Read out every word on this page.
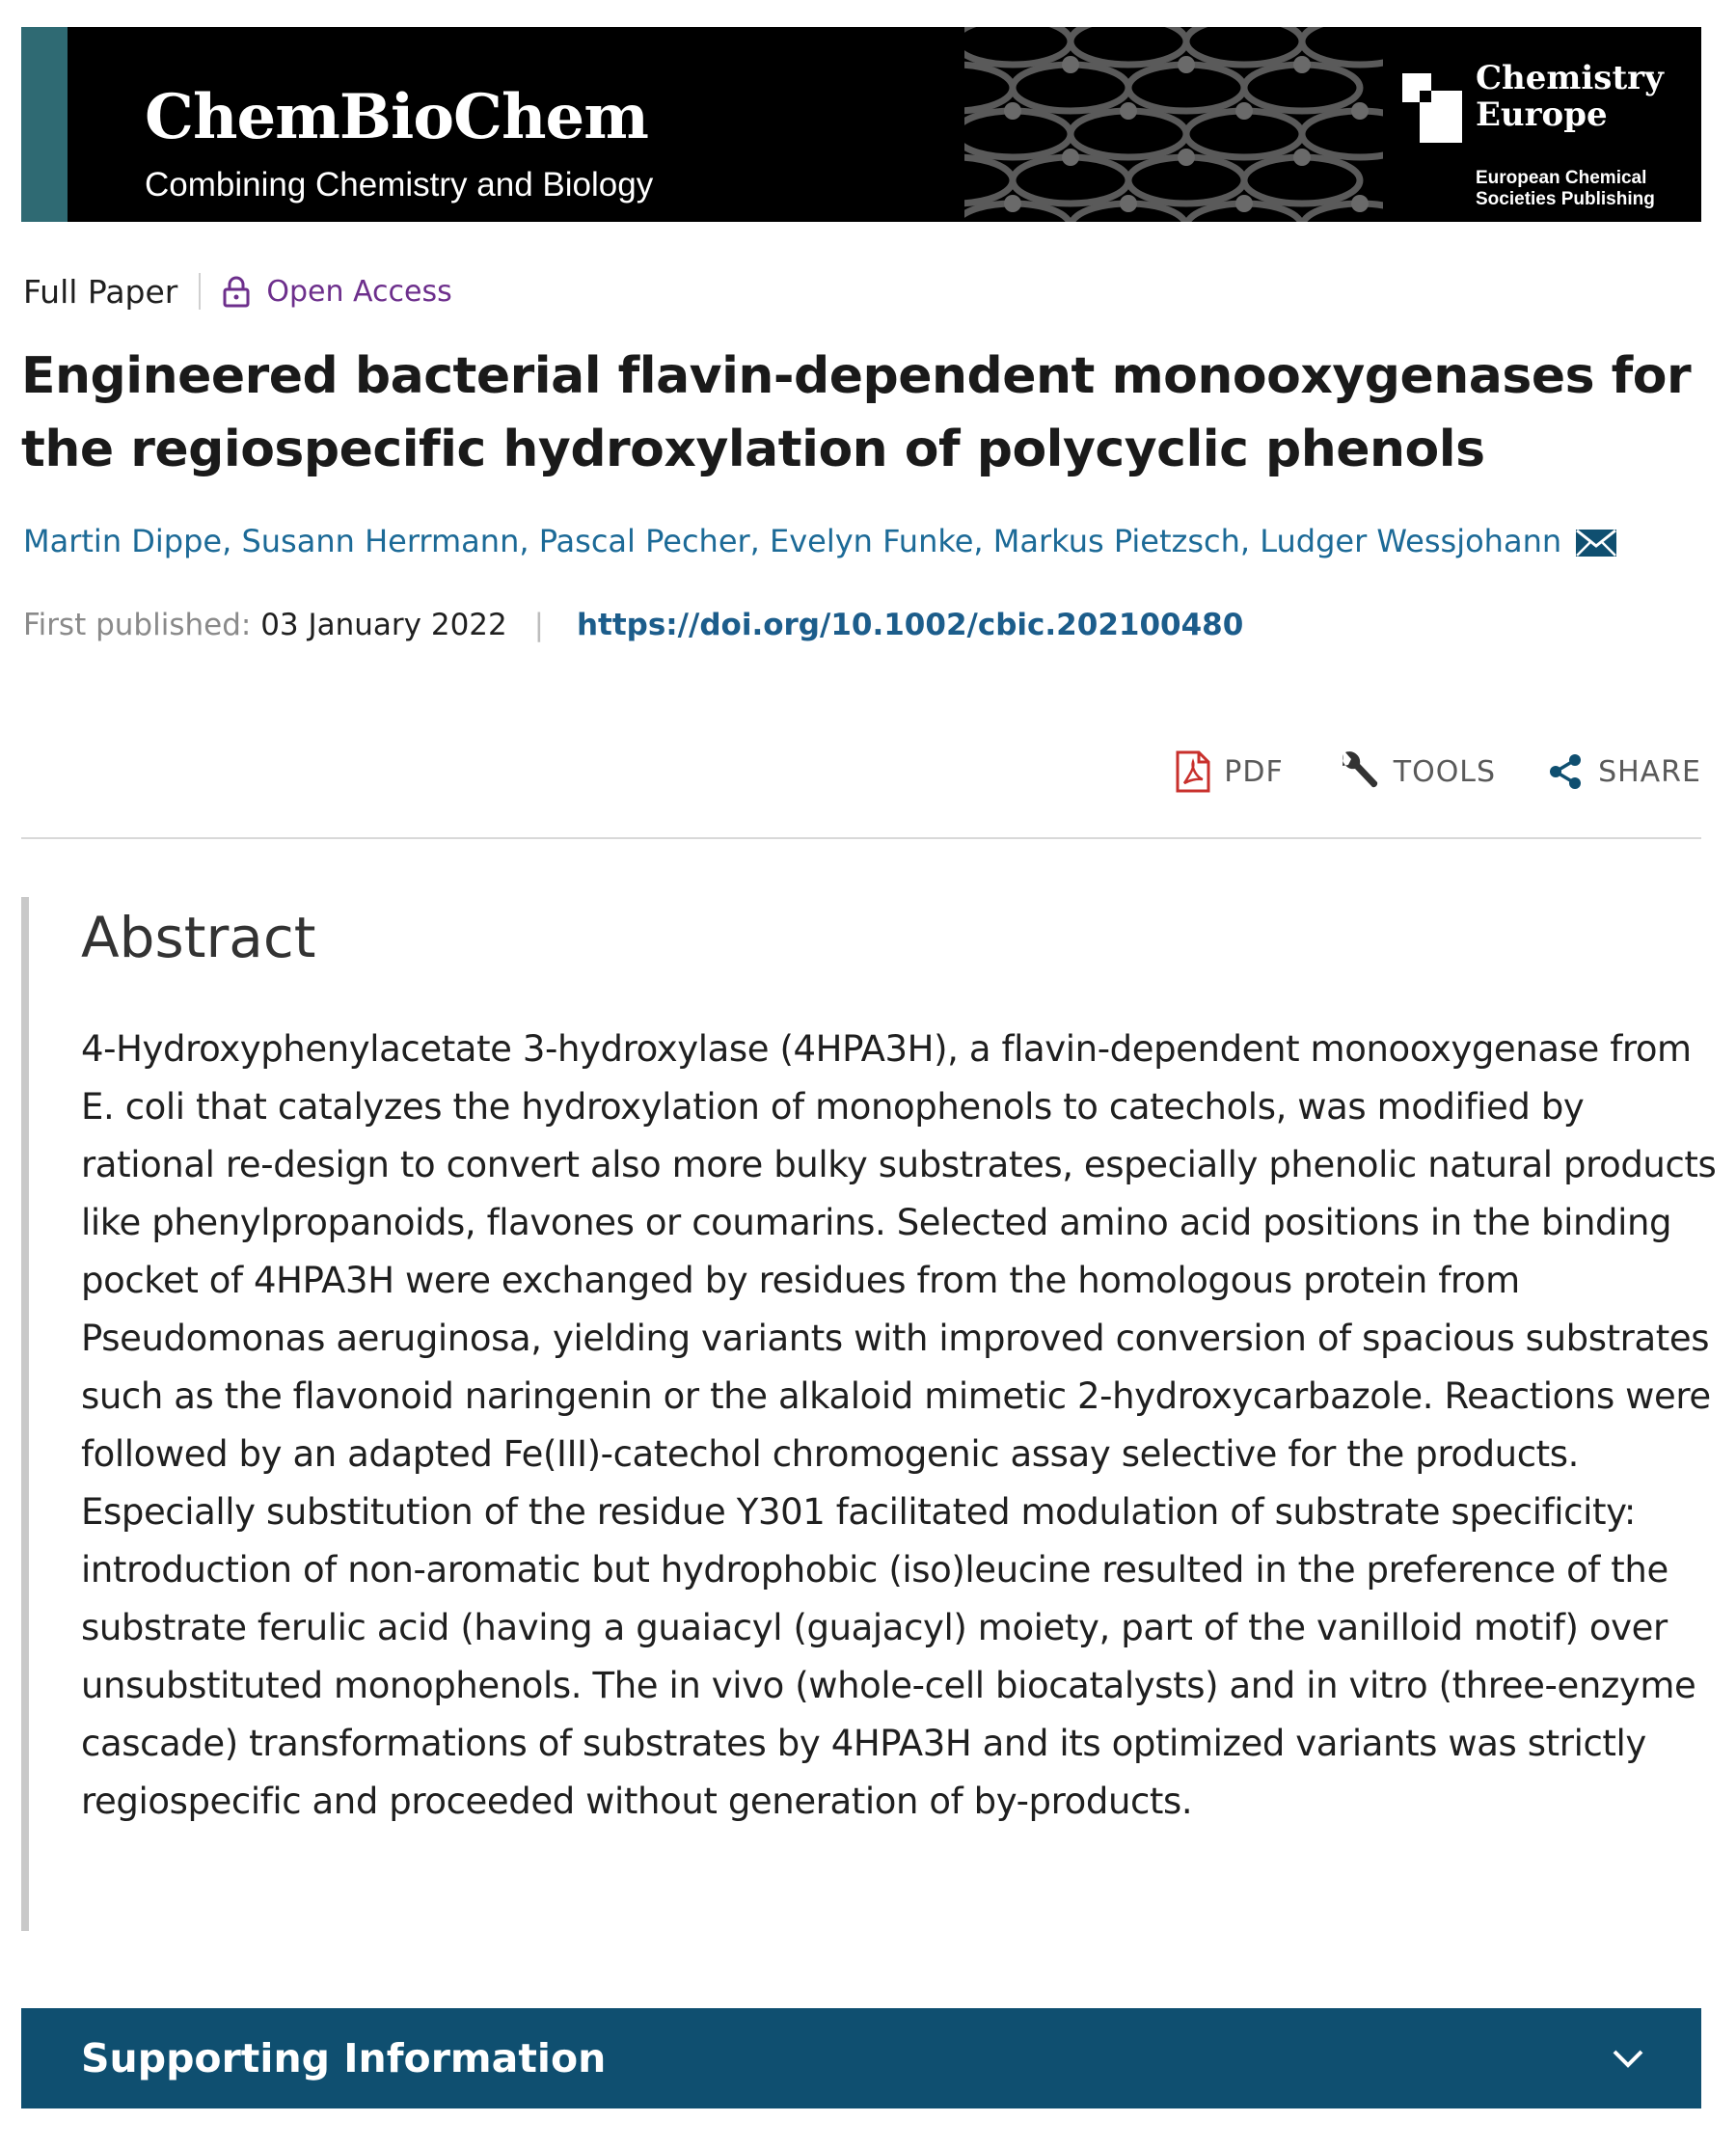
ChemBioChem
Combining Chemistry and Biology
Chemistry
Europe
European Chemical
Societies Publishing
Full Paper	Open Access
Engineered bacterial flavin-dependent monooxygenases for the regiospecific hydroxylation of polycyclic phenols
Martin Dippe, Susann Herrmann, Pascal Pecher, Evelyn Funke, Markus Pietzsch, Ludger Wessjohann
First published: 03 January 2022 | https://doi.org/10.1002/cbic.202100480
PDF	TOOLS	SHARE
Abstract

4-Hydroxyphenylacetate 3-hydroxylase (4HPA3H), a flavin-dependent monooxygenase from E. coli that catalyzes the hydroxylation of monophenols to catechols, was modified by rational re-design to convert also more bulky substrates, especially phenolic natural products like phenylpropanoids, flavones or coumarins. Selected amino acid positions in the binding pocket of 4HPA3H were exchanged by residues from the homologous protein from Pseudomonas aeruginosa, yielding variants with improved conversion of spacious substrates such as the flavonoid naringenin or the alkaloid mimetic 2-hydroxycarbazole. Reactions were followed by an adapted Fe(III)-catechol chromogenic assay selective for the products. Especially substitution of the residue Y301 facilitated modulation of substrate specificity: introduction of non-aromatic but hydrophobic (iso)leucine resulted in the preference of the substrate ferulic acid (having a guaiacyl (guajacyl) moiety, part of the vanilloid motif) over unsubstituted monophenols. The in vivo (whole-cell biocatalysts) and in vitro (three-enzyme cascade) transformations of substrates by 4HPA3H and its optimized variants was strictly regiospecific and proceeded without generation of by-products.

Supporting Information
